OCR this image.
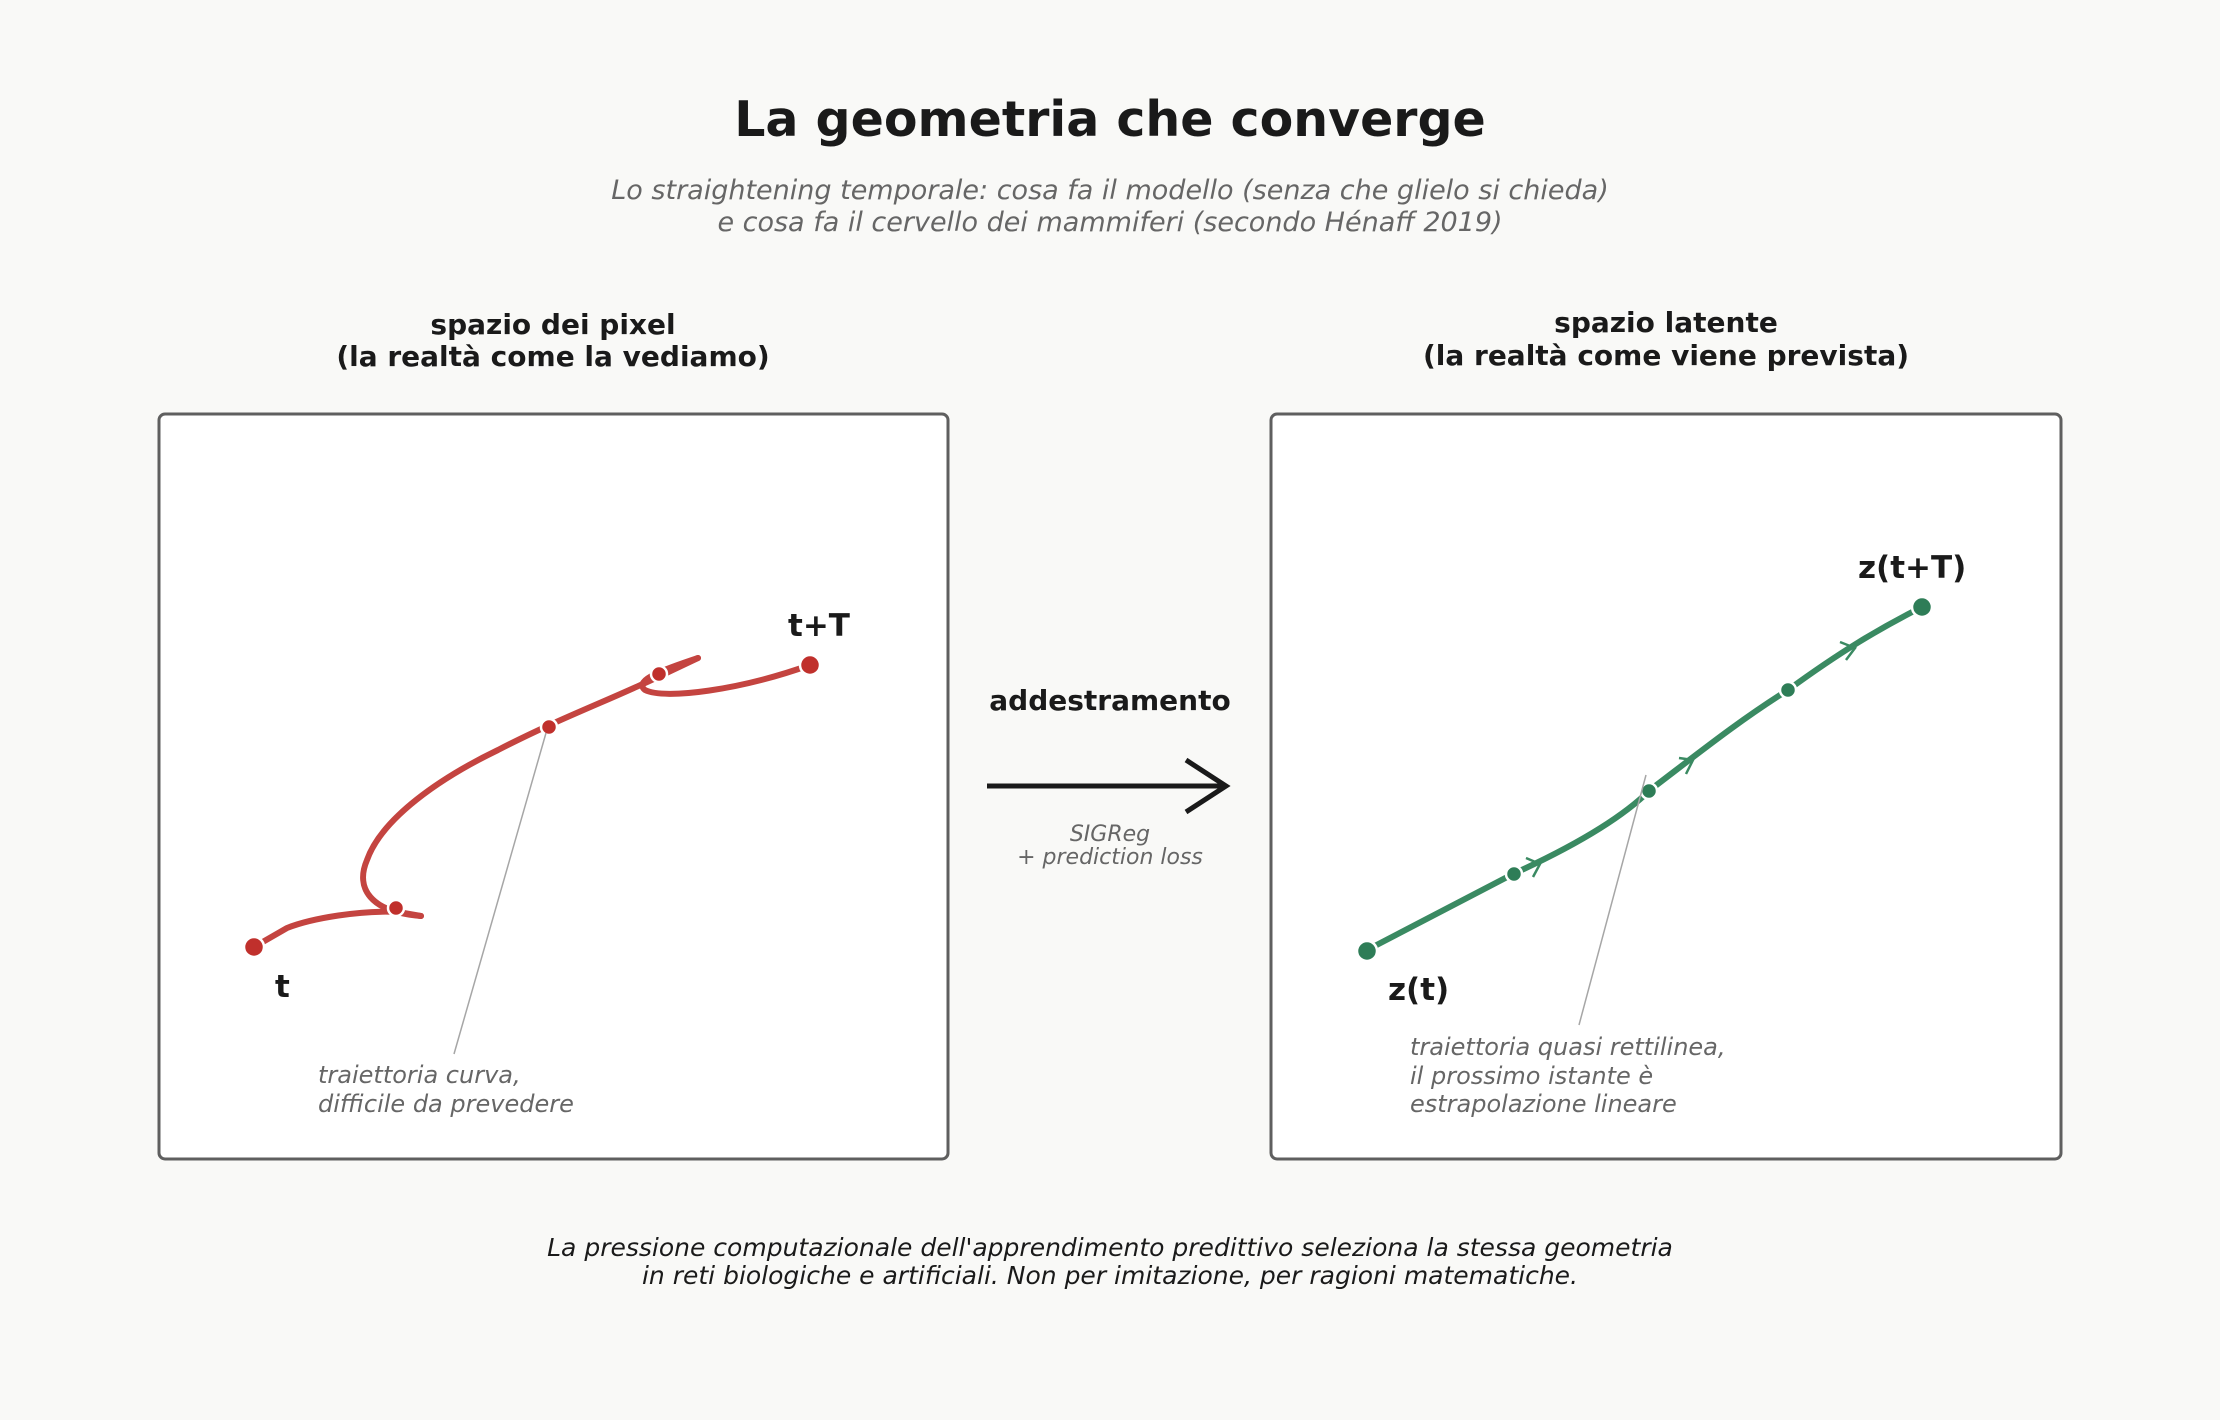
La geometria che converge
Lo straightening temporale: cosa fa il modello (senza che glielo si chieda)
e cosa fa il cervello dei mammiferi (secondo Hénaff 2019)
spazio dei pixel
(la realtà come la vediamo)
t
t+T
traiettoria curva,
difficile da prevedere
addestramento
SIGReg
+ prediction loss
spazio latente
(la realtà come viene prevista)
z(t)
z(t+T)
traiettoria quasi rettilinea,
il prossimo istante è
estrapolazione lineare
La pressione computazionale dell'apprendimento predittivo seleziona la stessa geometria
in reti biologiche e artificiali. Non per imitazione, per ragioni matematiche.
